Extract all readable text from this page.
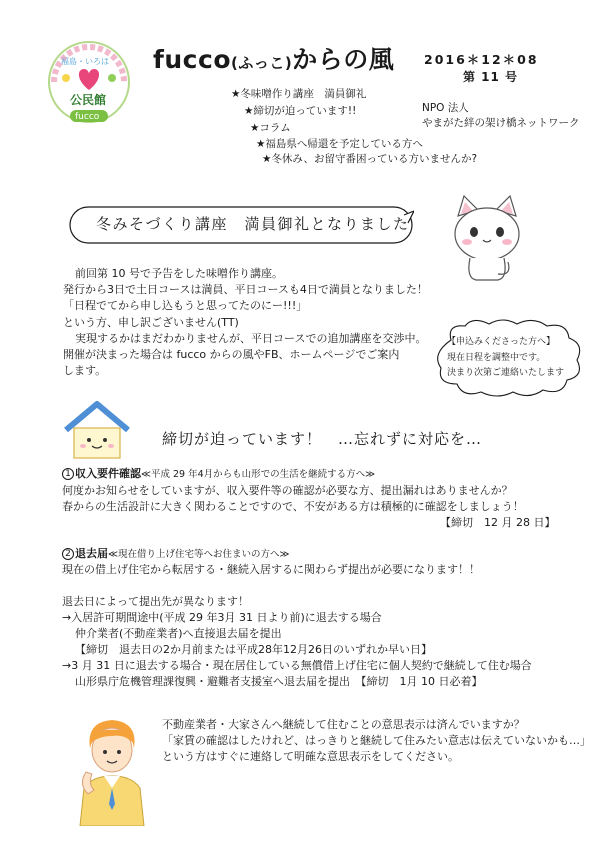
福島・いろは
公民館
fucco
fucco(ふっこ)からの風 2016＊12＊08
第 11 号
★冬味噌作り講座　満員御礼
★締切が迫っています!!
★コラム
★福島県へ帰還を予定している方へ
★冬休み、お留守番困っている方いませんか?
NPO 法人
やまがた絆の架け橋ネットワーク
冬みそづくり講座　満員御礼となりました
前回第 10 号で予告をした味噌作り講座。
発行から3日で土日コースは満員、平日コースも4日で満員となりました！
「日程でてから申し込もうと思ってたのにー!!!」
という方、申し訳ございません(TT)
実現するかはまだわかりませんが、平日コースでの追加講座を交渉中。
開催が決まった場合は fucco からの風やFB、ホームページでご案内
します。
【申込みくださった方へ】
現在日程を調整中です。
決まり次第ご連絡いたします
締切が迫っています！　…忘れずに対応を…
1 収入要件確認≪平成 29 年4月からも山形での生活を継続する方へ≫
何度かお知らせをしていますが、収入要件等の確認が必要な方、提出漏れはありませんか？
春からの生活設計に大きく関わることですので、不安がある方は積極的に確認をしましょう！
【締切　12 月 28 日】
2 退去届≪現在借り上げ住宅等へお住まいの方へ≫
現在の借上げ住宅から転居する・継続入居するに関わらず提出が必要になります！！
退去日によって提出先が異なります！
→入居許可期間途中(平成 29 年3月 31 日より前)に退去する場合
仲介業者(不動産業者)へ直接退去届を提出
【締切　退去日の2か月前または平成28年12月26日のいずれか早い日】
→3 月 31 日に退去する場合・現在居住している無償借上げ住宅に個人契約で継続して住む場合
山形県庁危機管理課復興・避難者支援室へ退去届を提出　【締切　1月 10 日必着】
不動産業者・大家さんへ継続して住むことの意思表示は済んでいますか？
「家賃の確認はしたけれど、はっきりと継続して住みたい意志は伝えていないかも…」
という方はすぐに連絡して明確な意思表示をしてください。
